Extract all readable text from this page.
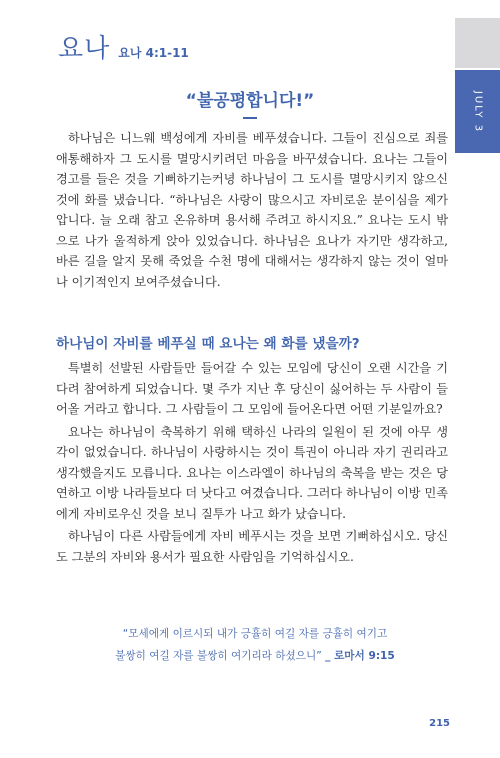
요나 요나 4:1-11
JULY 3
“불공평합니다!”

하나님은 니느웨 백성에게 자비를 베푸셨습니다. 그들이 진심으로 죄를 애통해하자 그 도시를 멸망시키려던 마음을 바꾸셨습니다. 요나는 그들이 경고를 들은 것을 기뻐하기는커녕 하나님이 그 도시를 멸망시키지 않으신 것에 화를 냈습니다. “하나님은 사랑이 많으시고 자비로운 분이심을 제가 압니다. 늘 오래 참고 온유하며 용서해 주려고 하시지요.” 요나는 도시 밖으로 나가 울적하게 앉아 있었습니다. 하나님은 요나가 자기만 생각하고, 바른 길을 알지 못해 죽었을 수천 명에 대해서는 생각하지 않는 것이 얼마나 이기적인지 보여주셨습니다.

하나님이 자비를 베푸실 때 요나는 왜 화를 냈을까?

특별히 선발된 사람들만 들어갈 수 있는 모임에 당신이 오랜 시간을 기다려 참여하게 되었습니다. 몇 주가 지난 후 당신이 싫어하는 두 사람이 들어올 거라고 합니다. 그 사람들이 그 모임에 들어온다면 어떤 기분일까요?

요나는 하나님이 축복하기 위해 택하신 나라의 일원이 된 것에 아무 생각이 없었습니다. 하나님이 사랑하시는 것이 특권이 아니라 자기 권리라고 생각했을지도 모릅니다. 요나는 이스라엘이 하나님의 축복을 받는 것은 당연하고 이방 나라들보다 더 낫다고 여겼습니다. 그러다 하나님이 이방 민족에게 자비로우신 것을 보니 질투가 나고 화가 났습니다.

하나님이 다른 사람들에게 자비 베푸시는 것을 보면 기뻐하십시오. 당신도 그분의 자비와 용서가 필요한 사람임을 기억하십시오.

“모세에게 이르시되 내가 긍휼히 여길 자를 긍휼히 여기고
불쌍히 여길 자를 불쌍히 여기리라 하셨으니” _ 로마서 9:15
215
